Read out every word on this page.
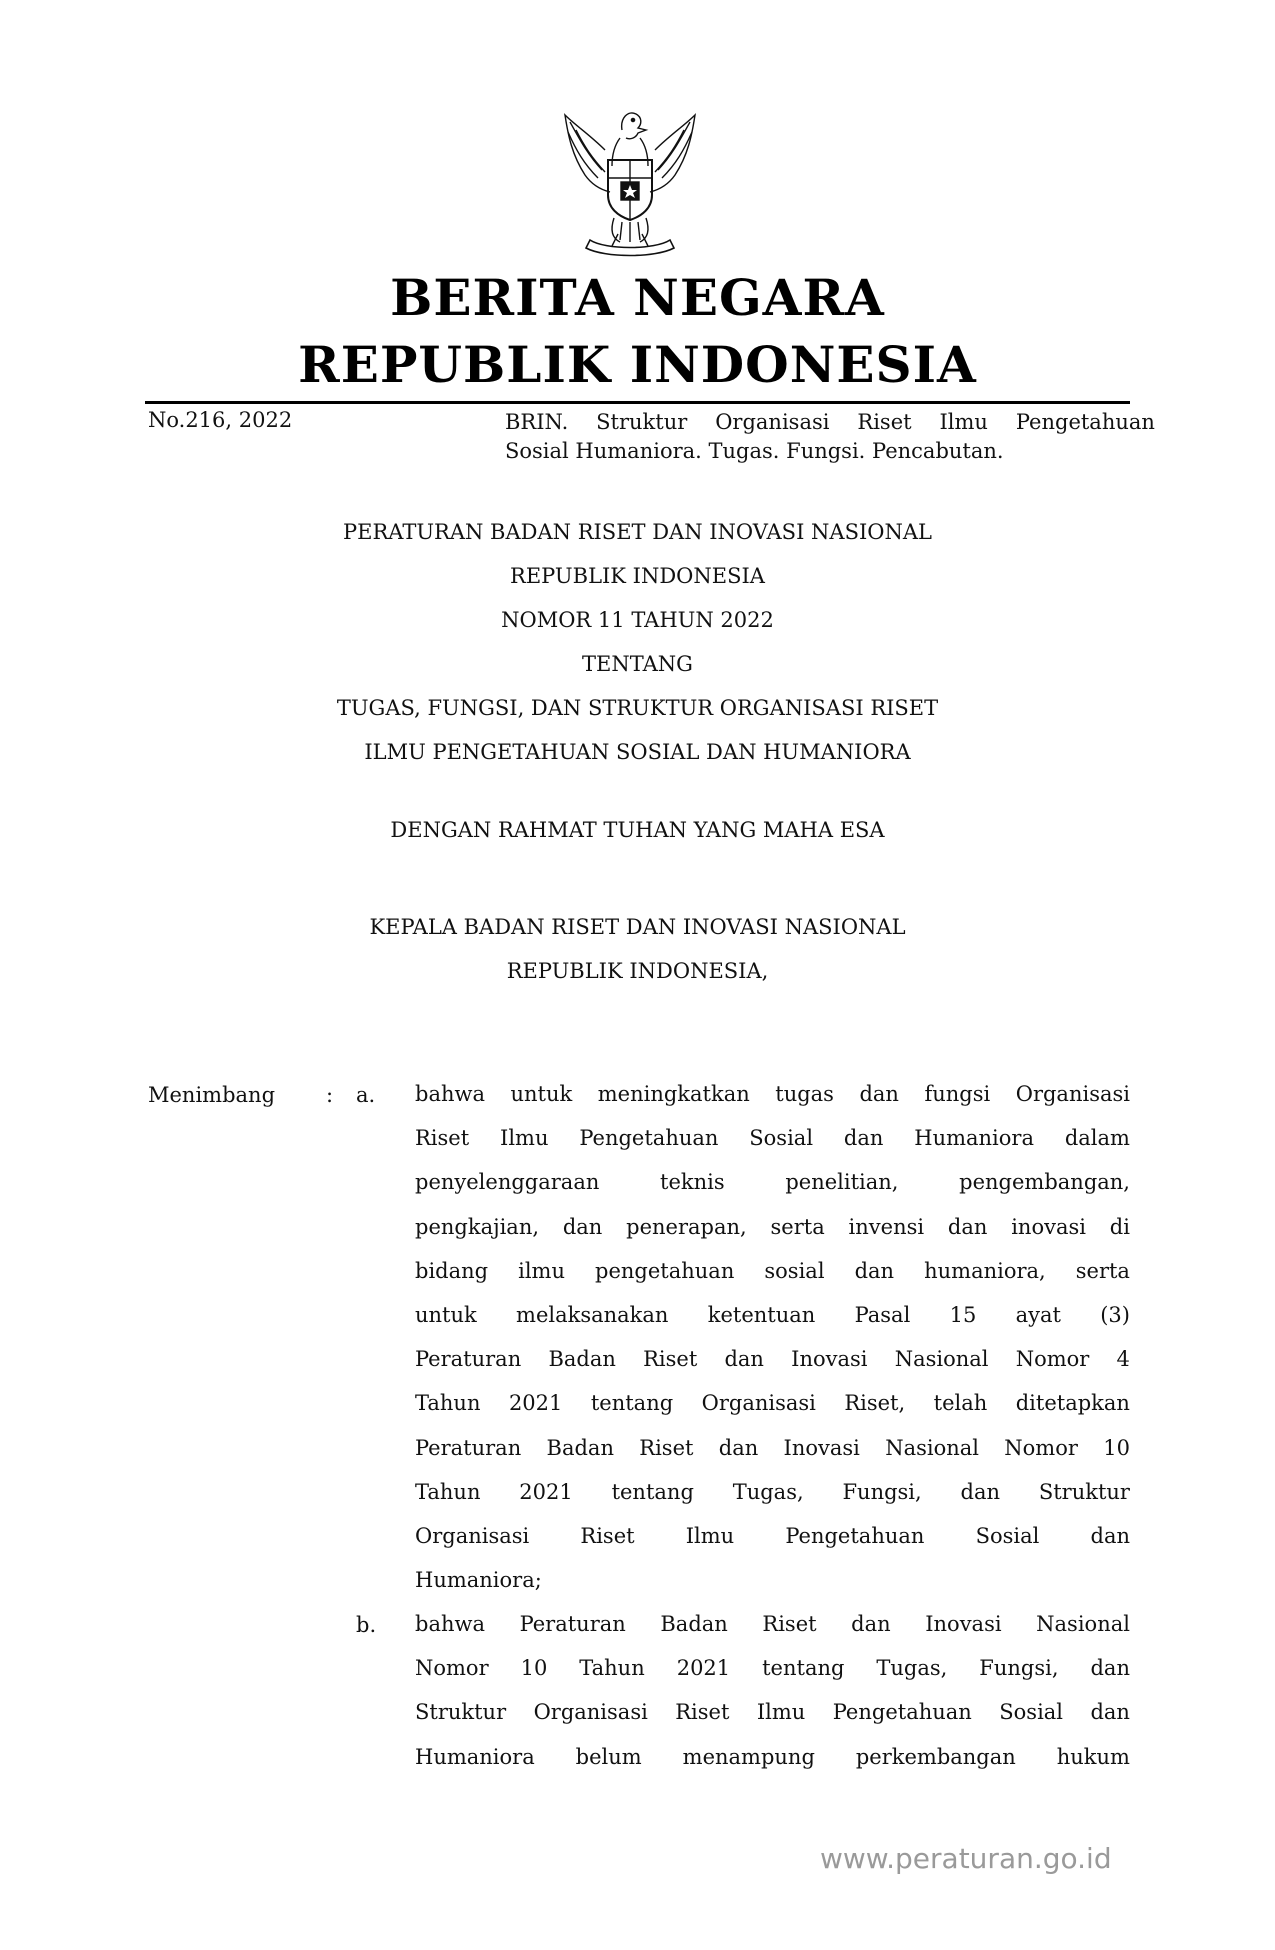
BERITA NEGARA
REPUBLIK INDONESIA
No.216, 2022	BRIN. Struktur Organisasi Riset Ilmu Pengetahuan
Sosial Humaniora. Tugas. Fungsi. Pencabutan.
PERATURAN BADAN RISET DAN INOVASI NASIONAL
REPUBLIK INDONESIA
NOMOR 11 TAHUN 2022
TENTANG
TUGAS, FUNGSI, DAN STRUKTUR ORGANISASI RISET
ILMU PENGETAHUAN SOSIAL DAN HUMANIORA
DENGAN RAHMAT TUHAN YANG MAHA ESA
KEPALA BADAN RISET DAN INOVASI NASIONAL
REPUBLIK INDONESIA,
Menimbang : a. bahwa untuk meningkatkan tugas dan fungsi Organisasi
Riset Ilmu Pengetahuan Sosial dan Humaniora dalam
penyelenggaraan	teknis	penelitian,	pengembangan,
pengkajian, dan penerapan, serta invensi dan inovasi di
bidang ilmu pengetahuan sosial dan humaniora, serta
untuk melaksanakan ketentuan Pasal 15 ayat (3)
Peraturan Badan Riset dan Inovasi Nasional Nomor 4
Tahun 2021 tentang Organisasi Riset, telah ditetapkan
Peraturan Badan Riset dan Inovasi Nasional Nomor 10
Tahun 2021 tentang Tugas, Fungsi, dan Struktur
Organisasi Riset Ilmu Pengetahuan Sosial dan
Humaniora;
b. bahwa Peraturan Badan Riset dan Inovasi Nasional
Nomor 10 Tahun 2021 tentang Tugas, Fungsi, dan
Struktur Organisasi Riset Ilmu Pengetahuan Sosial dan
Humaniora belum menampung perkembangan hukum
www.peraturan.go.id
